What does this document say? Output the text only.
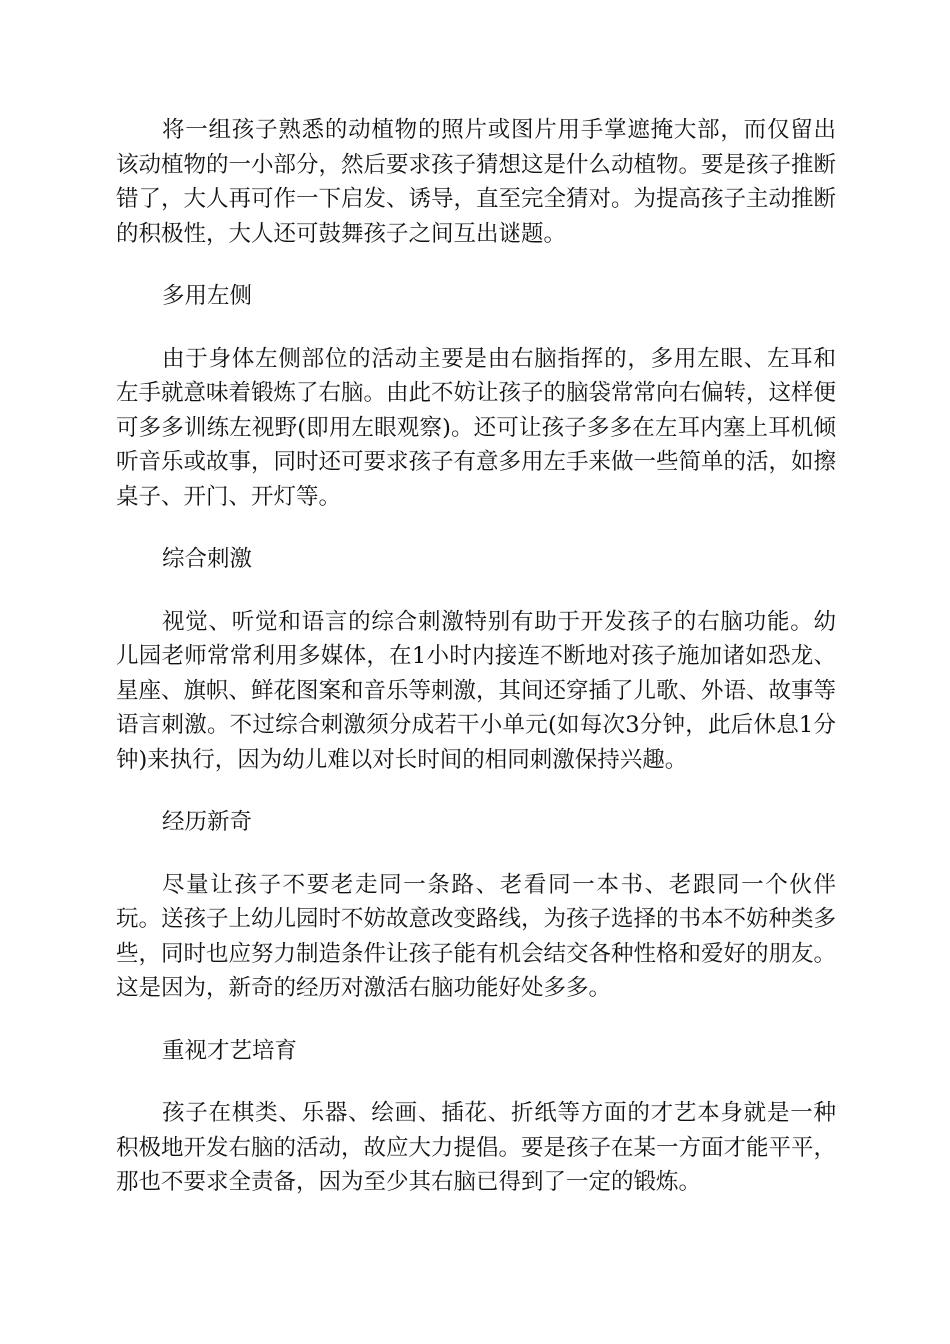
将一组孩子熟悉的动植物的照片或图片用手掌遮掩大部，而仅留出该动植物的一小部分，然后要求孩子猜想这是什么动植物。要是孩子推断错了，大人再可作一下启发、诱导，直至完全猜对。为提高孩子主动推断的积极性，大人还可鼓舞孩子之间互出谜题。

多用左侧

由于身体左侧部位的活动主要是由右脑指挥的，多用左眼、左耳和左手就意味着锻炼了右脑。由此不妨让孩子的脑袋常常向右偏转，这样便可多多训练左视野(即用左眼观察)。还可让孩子多多在左耳内塞上耳机倾听音乐或故事，同时还可要求孩子有意多用左手来做一些简单的活，如擦桌子、开门、开灯等。

综合刺激

视觉、听觉和语言的综合刺激特别有助于开发孩子的右脑功能。幼儿园老师常常利用多媒体，在1小时内接连不断地对孩子施加诸如恐龙、星座、旗帜、鲜花图案和音乐等刺激，其间还穿插了儿歌、外语、故事等语言刺激。不过综合刺激须分成若干小单元(如每次3分钟，此后休息1分钟)来执行，因为幼儿难以对长时间的相同刺激保持兴趣。

经历新奇

尽量让孩子不要老走同一条路、老看同一本书、老跟同一个伙伴玩。送孩子上幼儿园时不妨故意改变路线，为孩子选择的书本不妨种类多些，同时也应努力制造条件让孩子能有机会结交各种性格和爱好的朋友。这是因为，新奇的经历对激活右脑功能好处多多。

重视才艺培育

孩子在棋类、乐器、绘画、插花、折纸等方面的才艺本身就是一种积极地开发右脑的活动，故应大力提倡。要是孩子在某一方面才能平平，那也不要求全责备，因为至少其右脑已得到了一定的锻炼。
